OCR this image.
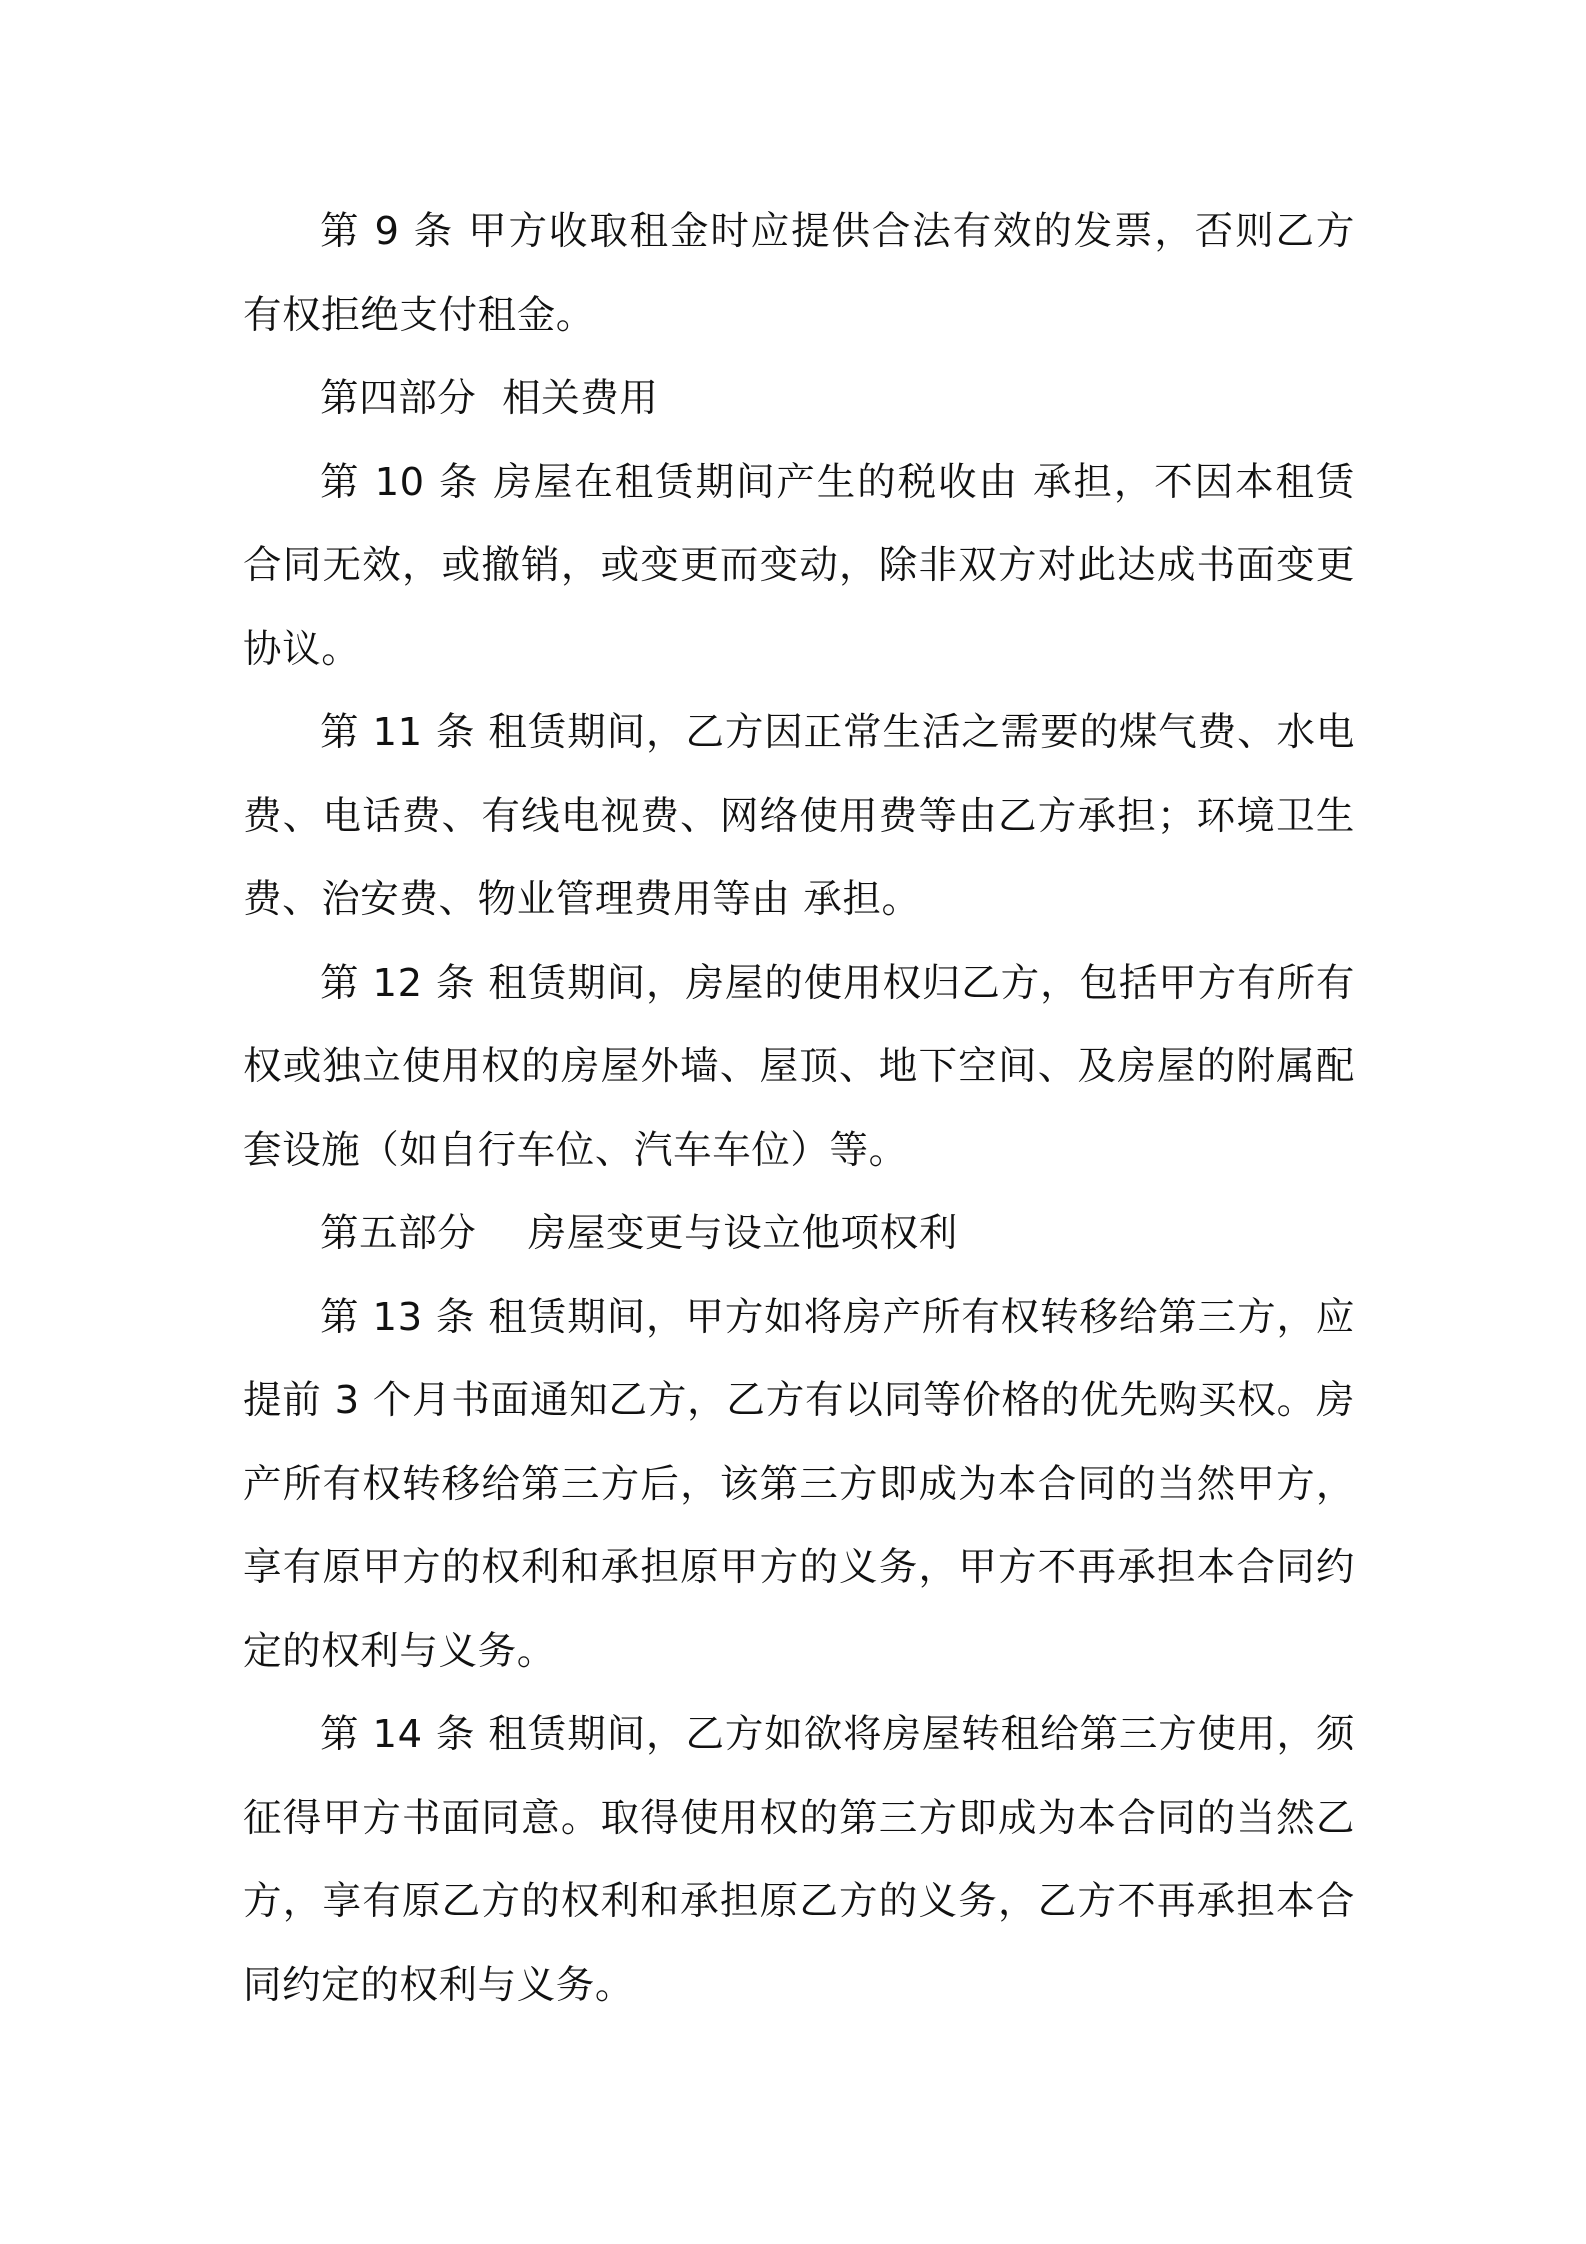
第 9 条 甲方收取租金时应提供合法有效的发票，否则乙方有权拒绝支付租金。

第四部分  相关费用

第 10 条 房屋在租赁期间产生的税收由 承担，不因本租赁合同无效，或撤销，或变更而变动，除非双方对此达成书面变更协议。

第 11 条 租赁期间，乙方因正常生活之需要的煤气费、水电费、电话费、有线电视费、网络使用费等由乙方承担；环境卫生费、治安费、物业管理费用等由 承担。

第 12 条 租赁期间，房屋的使用权归乙方，包括甲方有所有权或独立使用权的房屋外墙、屋顶、地下空间、及房屋的附属配套设施（如自行车位、汽车车位）等。

第五部分    房屋变更与设立他项权利

第 13 条 租赁期间，甲方如将房产所有权转移给第三方，应提前 3 个月书面通知乙方，乙方有以同等价格的优先购买权。房产所有权转移给第三方后，该第三方即成为本合同的当然甲方，享有原甲方的权利和承担原甲方的义务，甲方不再承担本合同约定的权利与义务。

第 14 条 租赁期间，乙方如欲将房屋转租给第三方使用，须征得甲方书面同意。取得使用权的第三方即成为本合同的当然乙方，享有原乙方的权利和承担原乙方的义务，乙方不再承担本合同约定的权利与义务。
